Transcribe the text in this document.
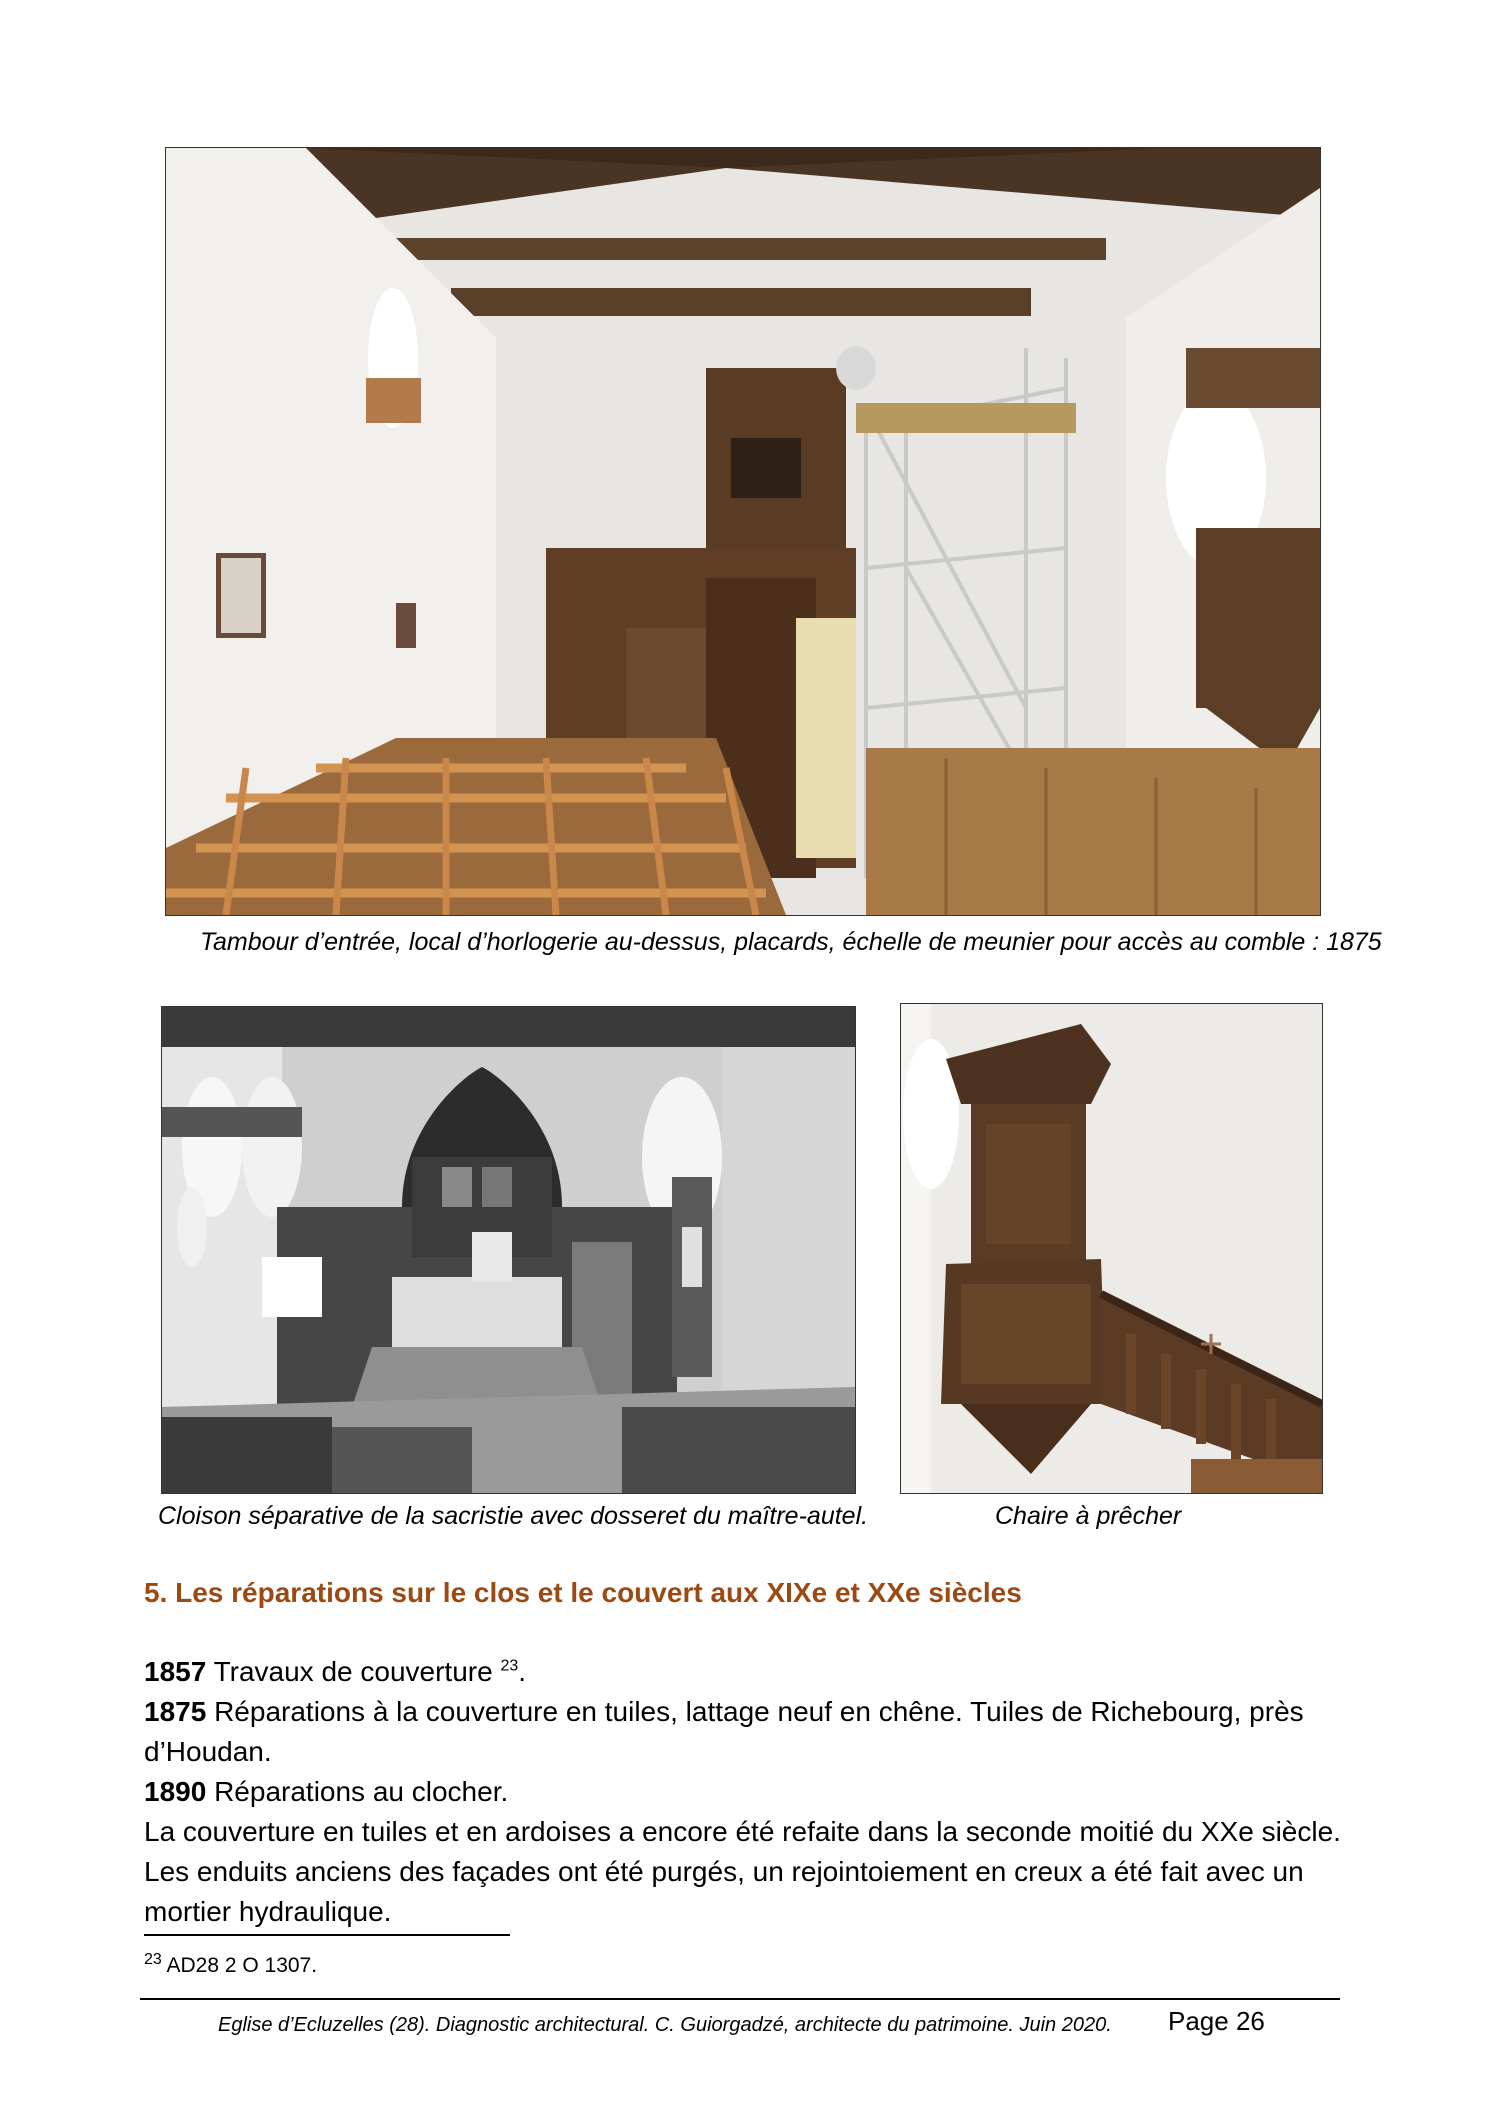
Tambour d’entrée, local d’horlogerie au-dessus, placards, échelle de meunier pour accès au comble : 1875
Cloison séparative de la sacristie avec dosseret du maître-autel.	Chaire à prêcher
5. Les réparations sur le clos et le couvert aux XIXe et XXe siècles

1857 Travaux de couverture $^{23}$.

1875 Réparations à la couverture en tuiles, lattage neuf en chêne. Tuiles de Richebourg, près d’Houdan.

1890 Réparations au clocher.

La couverture en tuiles et en ardoises a encore été refaite dans la seconde moitié du XXe siècle.

Les enduits anciens des façades ont été purgés, un rejointoiement en creux a été fait avec un mortier hydraulique.

$^{23}$ AD28 2 O 1307.
Eglise d’Ecluzelles (28). Diagnostic architectural. C. Guiorgadzé, architecte du patrimoine. Juin 2020. Page 26
